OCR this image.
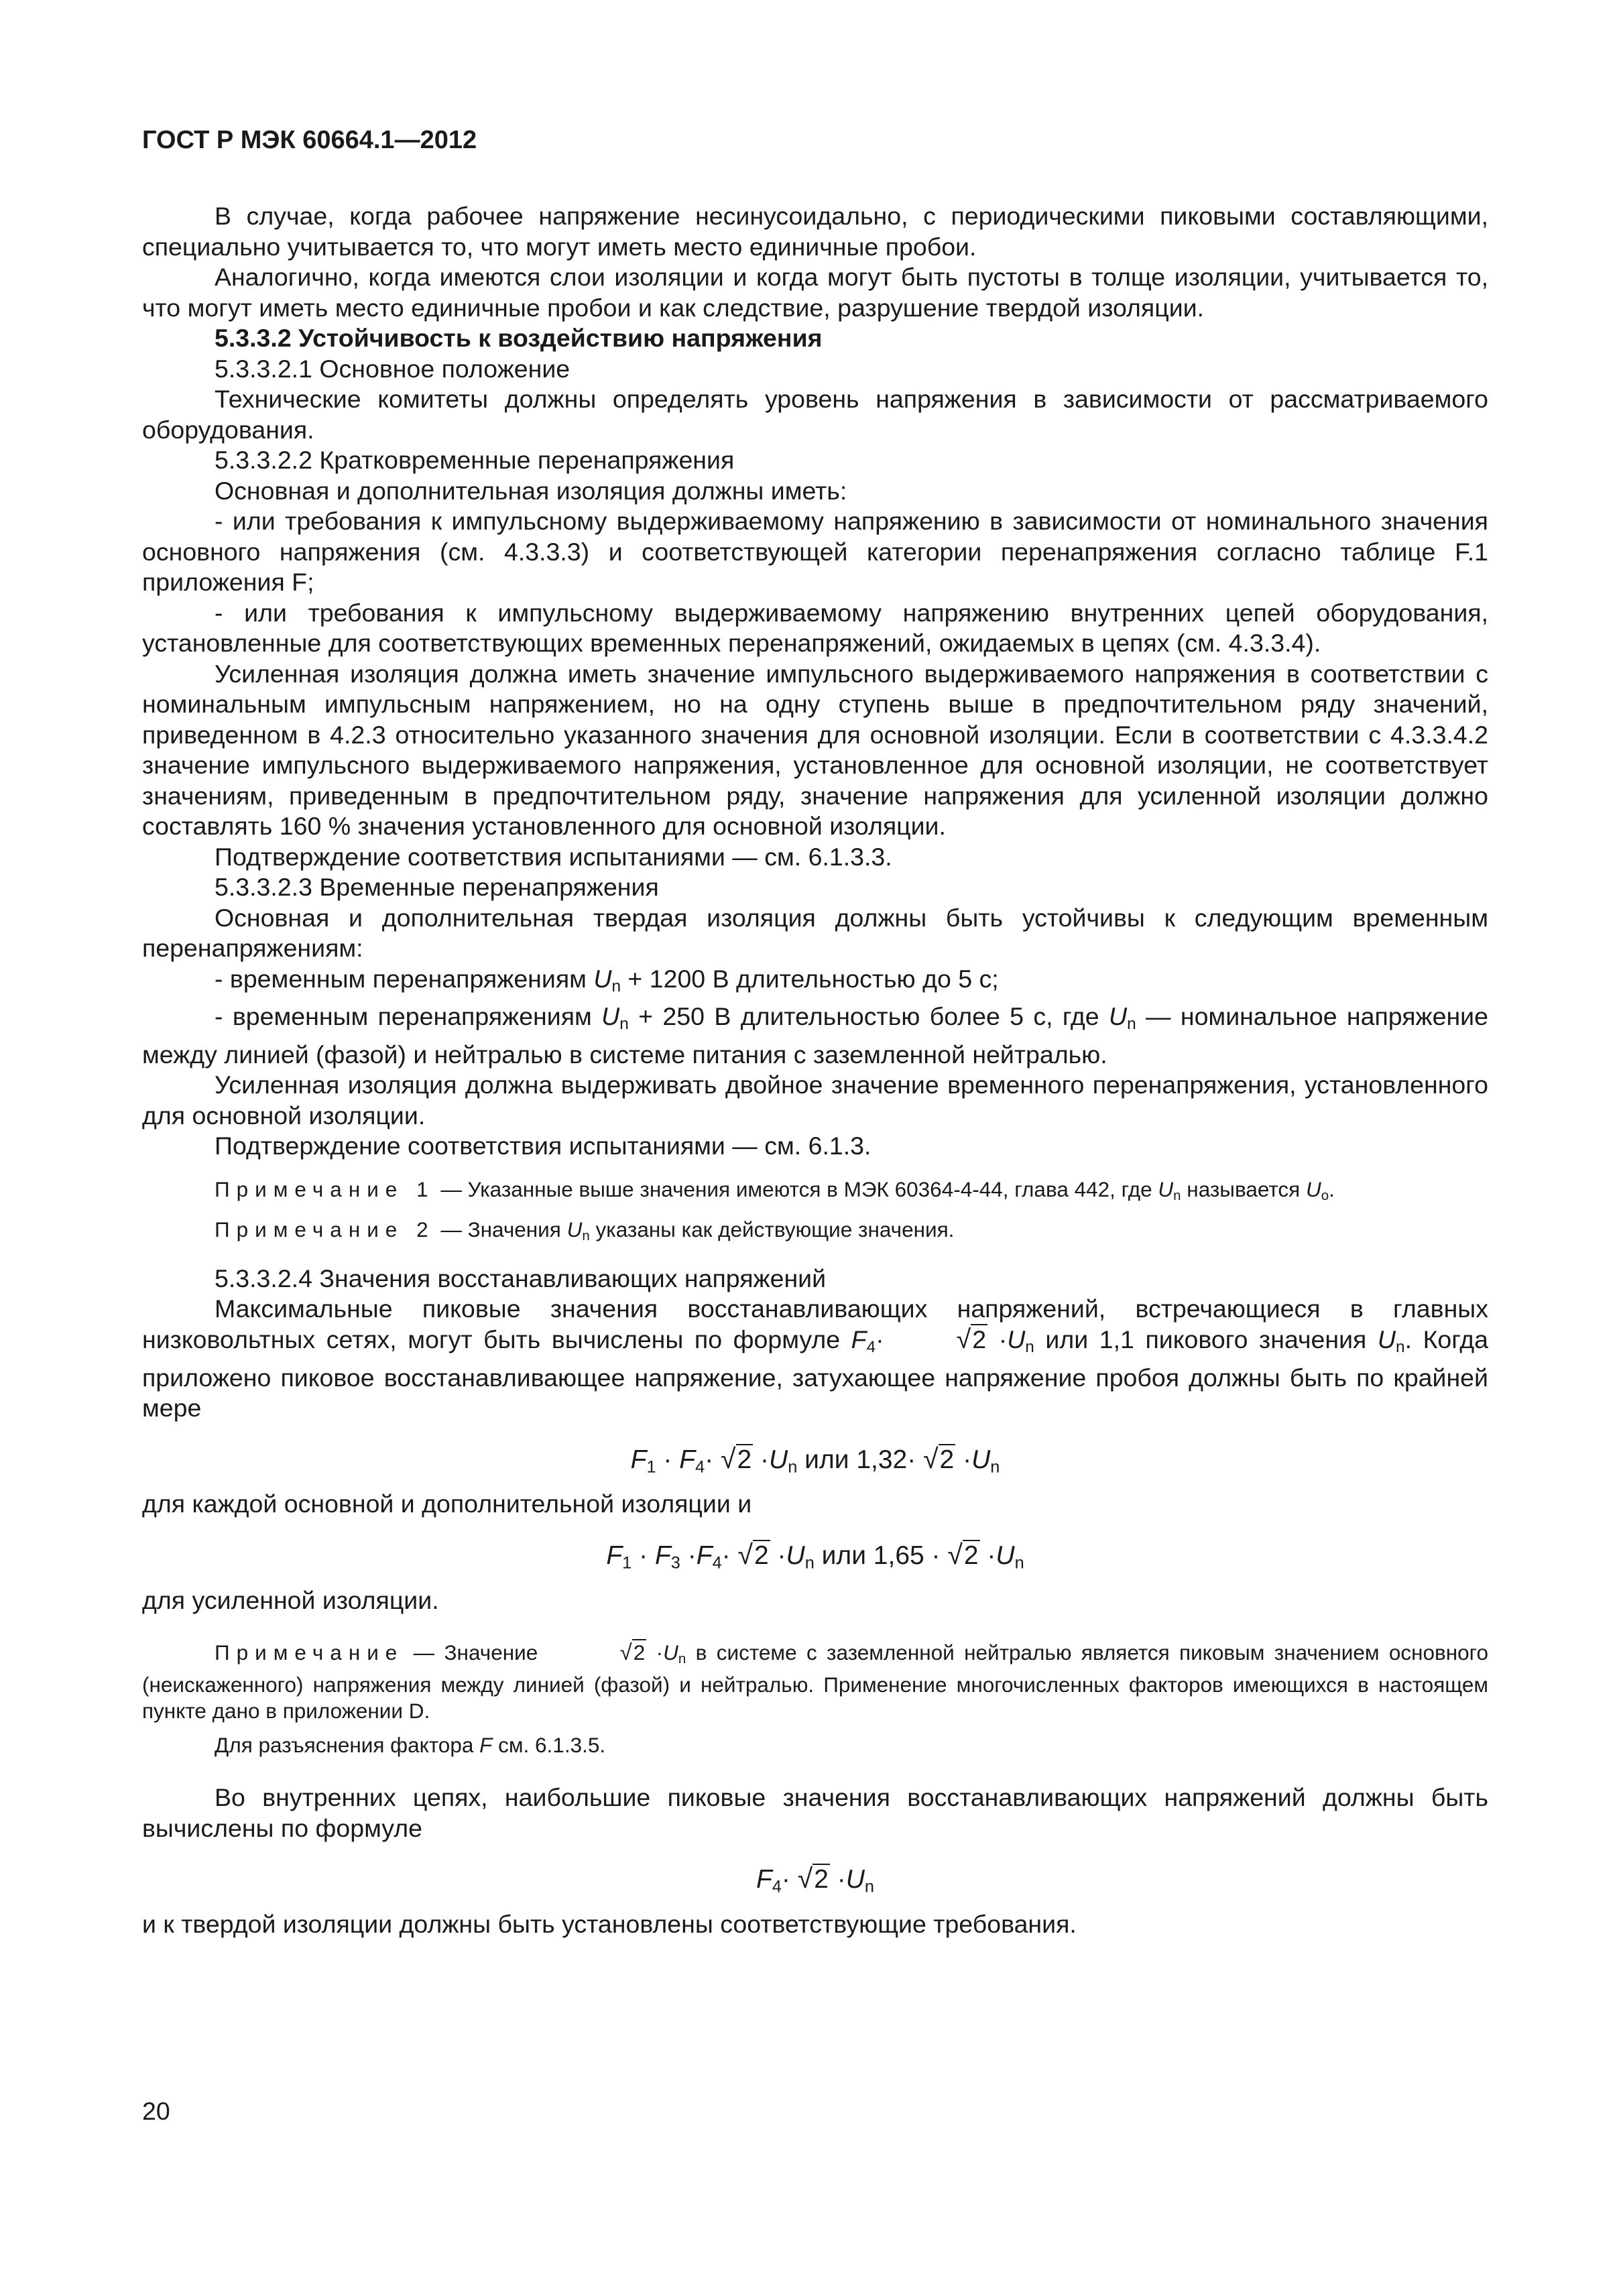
ГОСТ Р МЭК 60664.1—2012

В случае, когда рабочее напряжение несинусоидально, с периодическими пиковыми составляющими, специально учитывается то, что могут иметь место единичные пробои.

Аналогично, когда имеются слои изоляции и когда могут быть пустоты в толще изоляции, учитывается то, что могут иметь место единичные пробои и как следствие, разрушение твердой изоляции.

5.3.3.2 Устойчивость к воздействию напряжения

5.3.3.2.1 Основное положение

Технические комитеты должны определять уровень напряжения в зависимости от рассматриваемого оборудования.

5.3.3.2.2 Кратковременные перенапряжения

Основная и дополнительная изоляция должны иметь:

- или требования к импульсному выдерживаемому напряжению в зависимости от номинального значения основного напряжения (см. 4.3.3.3) и соответствующей категории перенапряжения согласно таблице F.1 приложения F;

- или требования к импульсному выдерживаемому напряжению внутренних цепей оборудования, установленные для соответствующих временных перенапряжений, ожидаемых в цепях (см. 4.3.3.4).

Усиленная изоляция должна иметь значение импульсного выдерживаемого напряжения в соответствии с номинальным импульсным напряжением, но на одну ступень выше в предпочтительном ряду значений, приведенном в 4.2.3 относительно указанного значения для основной изоляции. Если в соответствии с 4.3.3.4.2 значение импульсного выдерживаемого напряжения, установленное для основной изоляции, не соответствует значениям, приведенным в предпочтительном ряду, значение напряжения для усиленной изоляции должно составлять 160 % значения установленного для основной изоляции.

Подтверждение соответствия испытаниями — см. 6.1.3.3.

5.3.3.2.3 Временные перенапряжения

Основная и дополнительная твердая изоляция должны быть устойчивы к следующим временным перенапряжениям:

- временным перенапряжениям $U_n + 1200$ В длительностью до 5 с;

- временным перенапряжениям $U_n + 250$ В длительностью более 5 с, где $U_n$ — номинальное напряжение между линией (фазой) и нейтралью в системе питания с заземленной нейтралью.

Усиленная изоляция должна выдерживать двойное значение временного перенапряжения, установленного для основной изоляции.

Подтверждение соответствия испытаниями — см. 6.1.3.

Примечание 1 — Указанные выше значения имеются в МЭК 60364-4-44, глава 442, где $U_n$ называется $U_o$.

Примечание 2 — Значения $U_n$ указаны как действующие значения.

5.3.3.2.4 Значения восстанавливающих напряжений

Максимальные пиковые значения восстанавливающих напряжений, встречающиеся в главных низковольтных сетях, могут быть вычислены по формуле $F_4\cdot$	$√2 \cdot U_n$ или 1,1 пикового значения $U_n$. Когда приложено пиковое восстанавливающее напряжение, затухающее напряжение пробоя должны быть по крайней мере

$F_1 \cdot F_4\cdot √2 \cdot U_n$ или $1,32\cdot √2 \cdot U_n$

для каждой основной и дополнительной изоляции и

$F_1 \cdot F_3 \cdot F_4\cdot √2 \cdot U_n$ или $1,65 \cdot √2 \cdot U_n$

для усиленной изоляции.

Примечание — Значение	$√2 \cdot U_n$ в системе с заземленной нейтралью является пиковым значением основного (неискаженного) напряжения между линией (фазой) и нейтралью. Применение многочисленных факторов имеющихся в настоящем пункте дано в приложении D.

Для разъяснения фактора F см. 6.1.3.5.

Во внутренних цепях, наибольшие пиковые значения восстанавливающих напряжений должны быть вычислены по формуле

$F_4\cdot √2 \cdot U_n$

и к твердой изоляции должны быть установлены соответствующие требования.

20
